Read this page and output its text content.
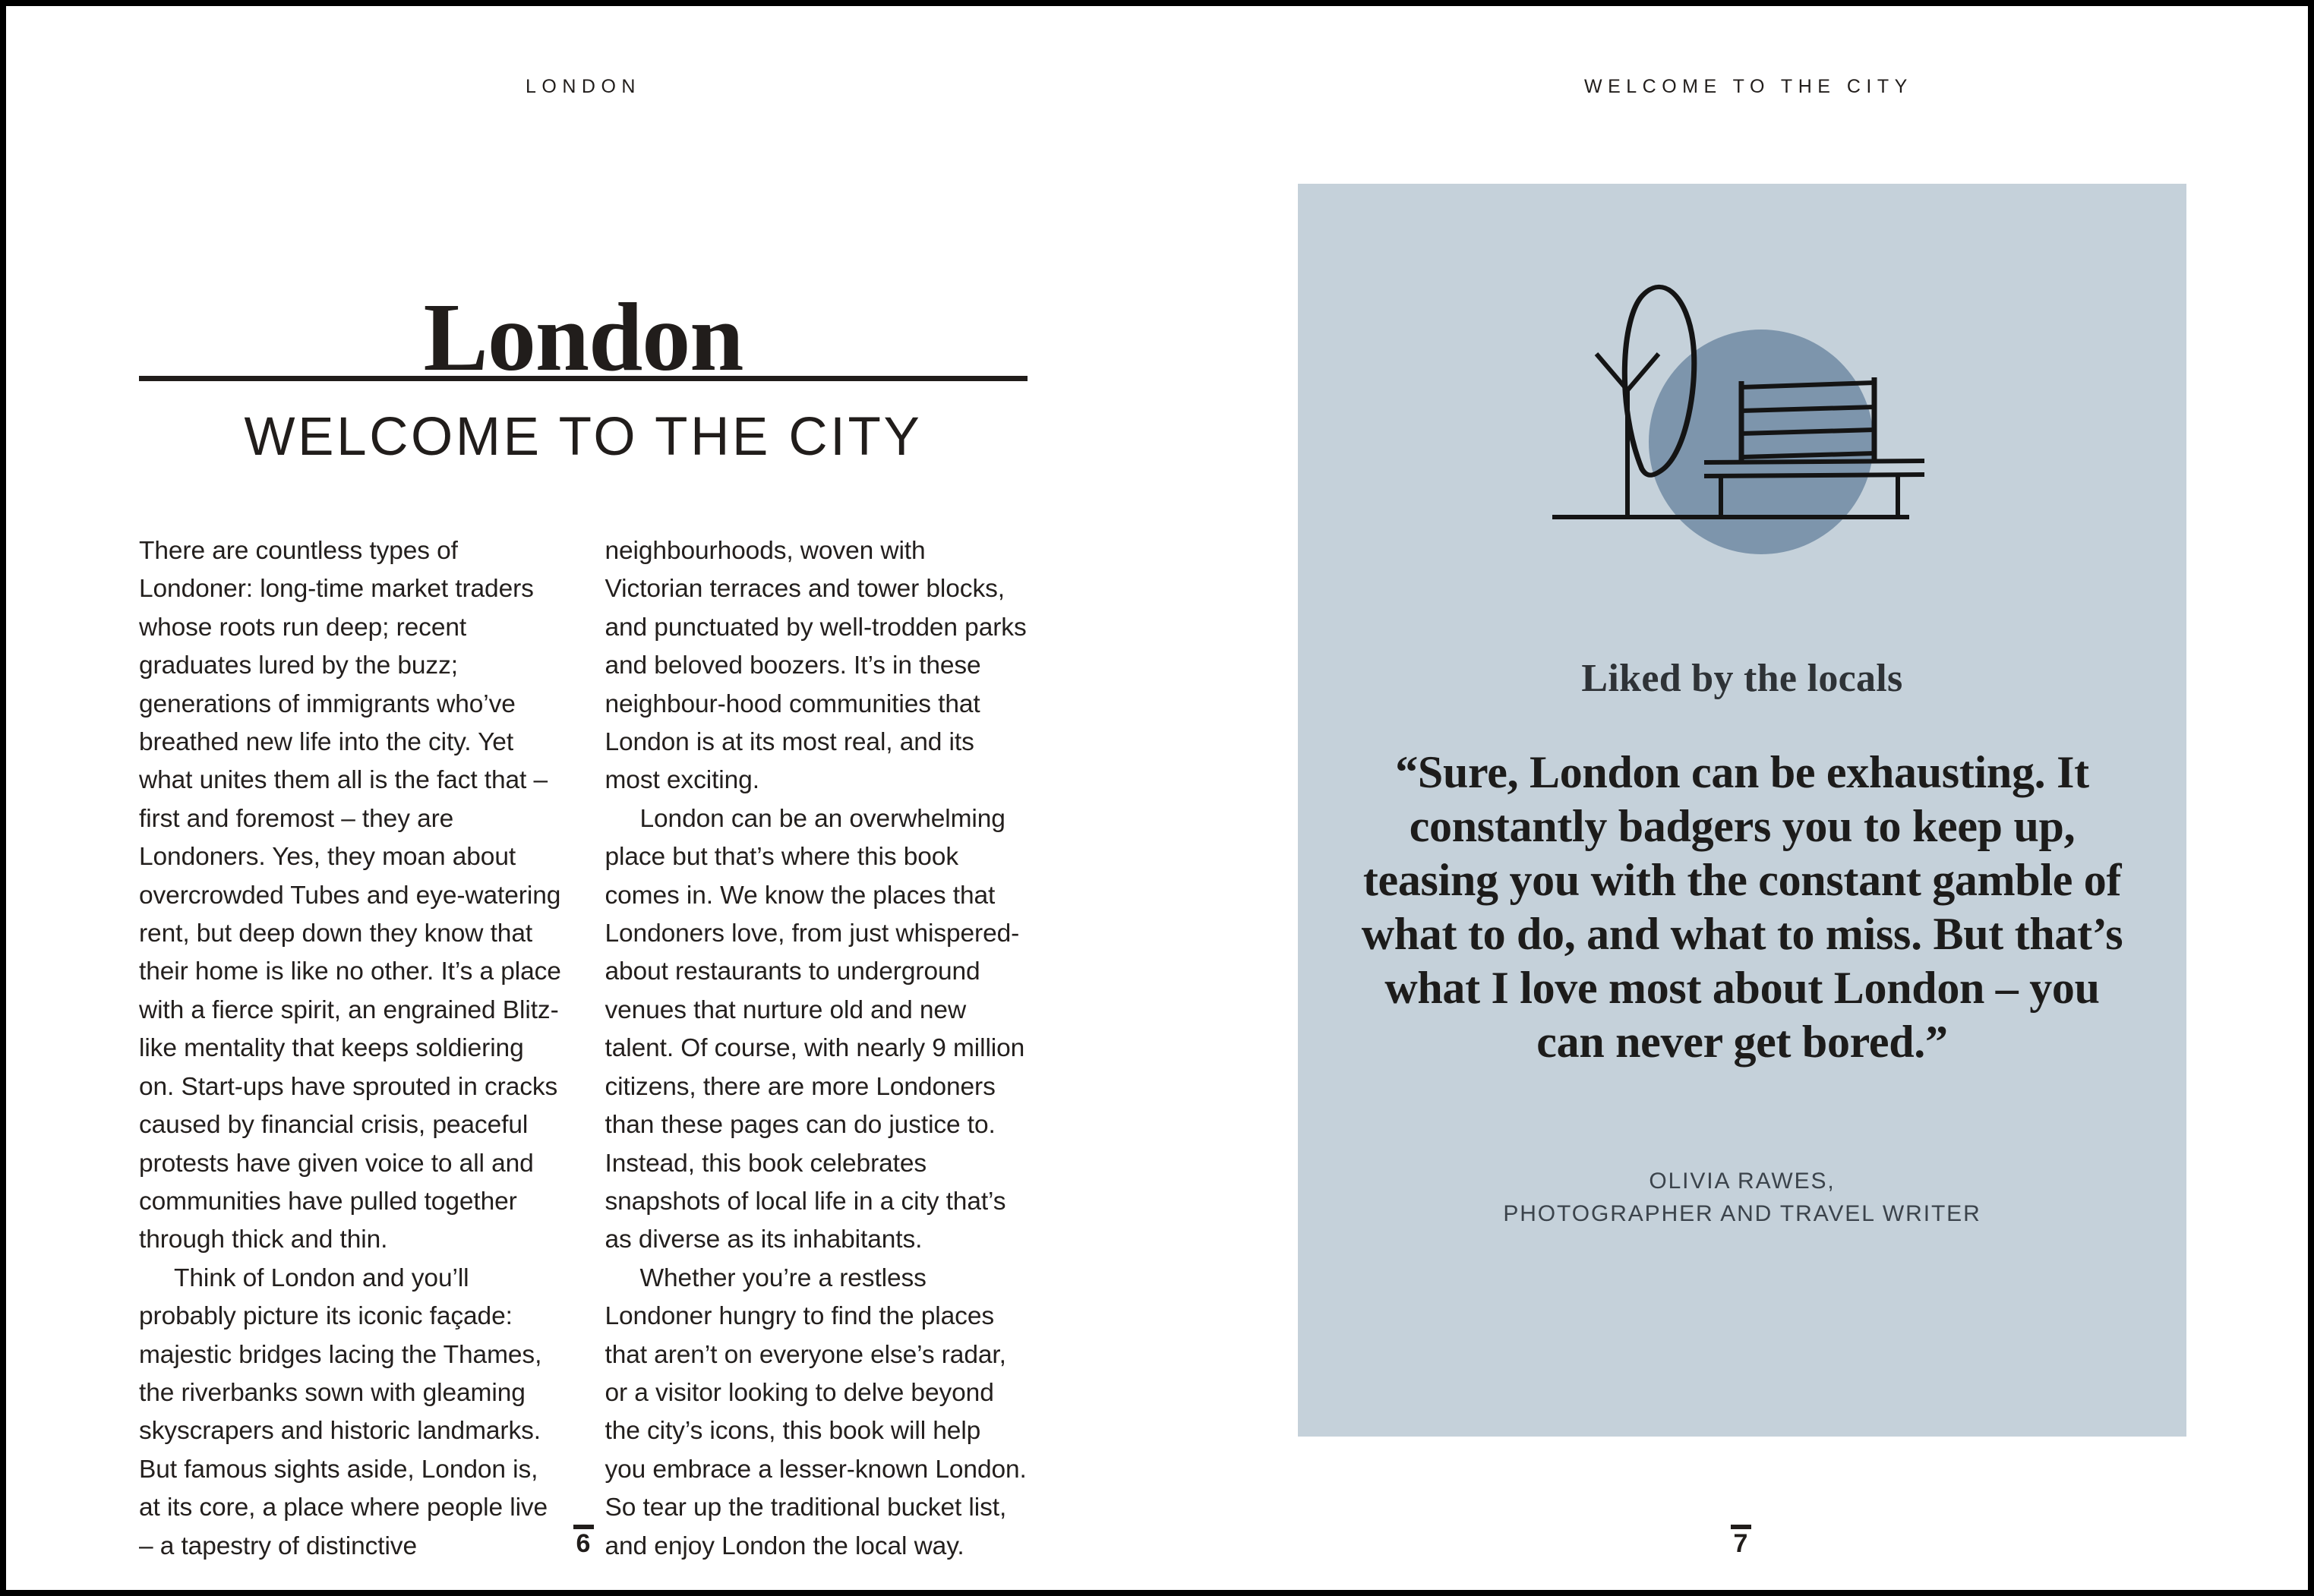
LONDON
London
WELCOME TO THE CITY

There are countless types of Londoner: long-time market traders whose roots run deep; recent graduates lured by the buzz; generations of immigrants who’ve breathed new life into the city. Yet what unites them all is the fact that – first and foremost – they are Londoners. Yes, they moan about overcrowded Tubes and eye-watering rent, but deep down they know that their home is like no other. It’s a place with a fierce spirit, an engrained Blitz-like mentality that keeps soldiering on. Start-ups have sprouted in cracks caused by financial crisis, peaceful protests have given voice to all and communities have pulled together through thick and thin.

Think of London and you’ll probably picture its iconic façade: majestic bridges lacing the Thames, the riverbanks sown with gleaming skyscrapers and historic landmarks. But famous sights aside, London is, at its core, a place where people live – a tapestry of distinctive

neighbourhoods, woven with Victorian terraces and tower blocks, and punctuated by well-trodden parks and beloved boozers. It’s in these neighbour-hood communities that London is at its most real, and its most exciting.

London can be an overwhelming place but that’s where this book comes in. We know the places that Londoners love, from just whispered-about restaurants to underground venues that nurture old and new talent. Of course, with nearly 9 million citizens, there are more Londoners than these pages can do justice to. Instead, this book celebrates snapshots of local life in a city that’s as diverse as its inhabitants.

Whether you’re a restless Londoner hungry to find the places that aren’t on everyone else’s radar, or a visitor looking to delve beyond the city’s icons, this book will help you embrace a lesser-known London. So tear up the traditional bucket list, and enjoy London the local way.

6
WELCOME TO THE CITY
Liked by the locals
“Sure, London can be exhausting. It constantly badgers you to keep up, teasing you with the constant gamble of what to do, and what to miss. But that’s what I love most about London – you can never get bored.”
OLIVIA RAWES,
PHOTOGRAPHER AND TRAVEL WRITER
7
